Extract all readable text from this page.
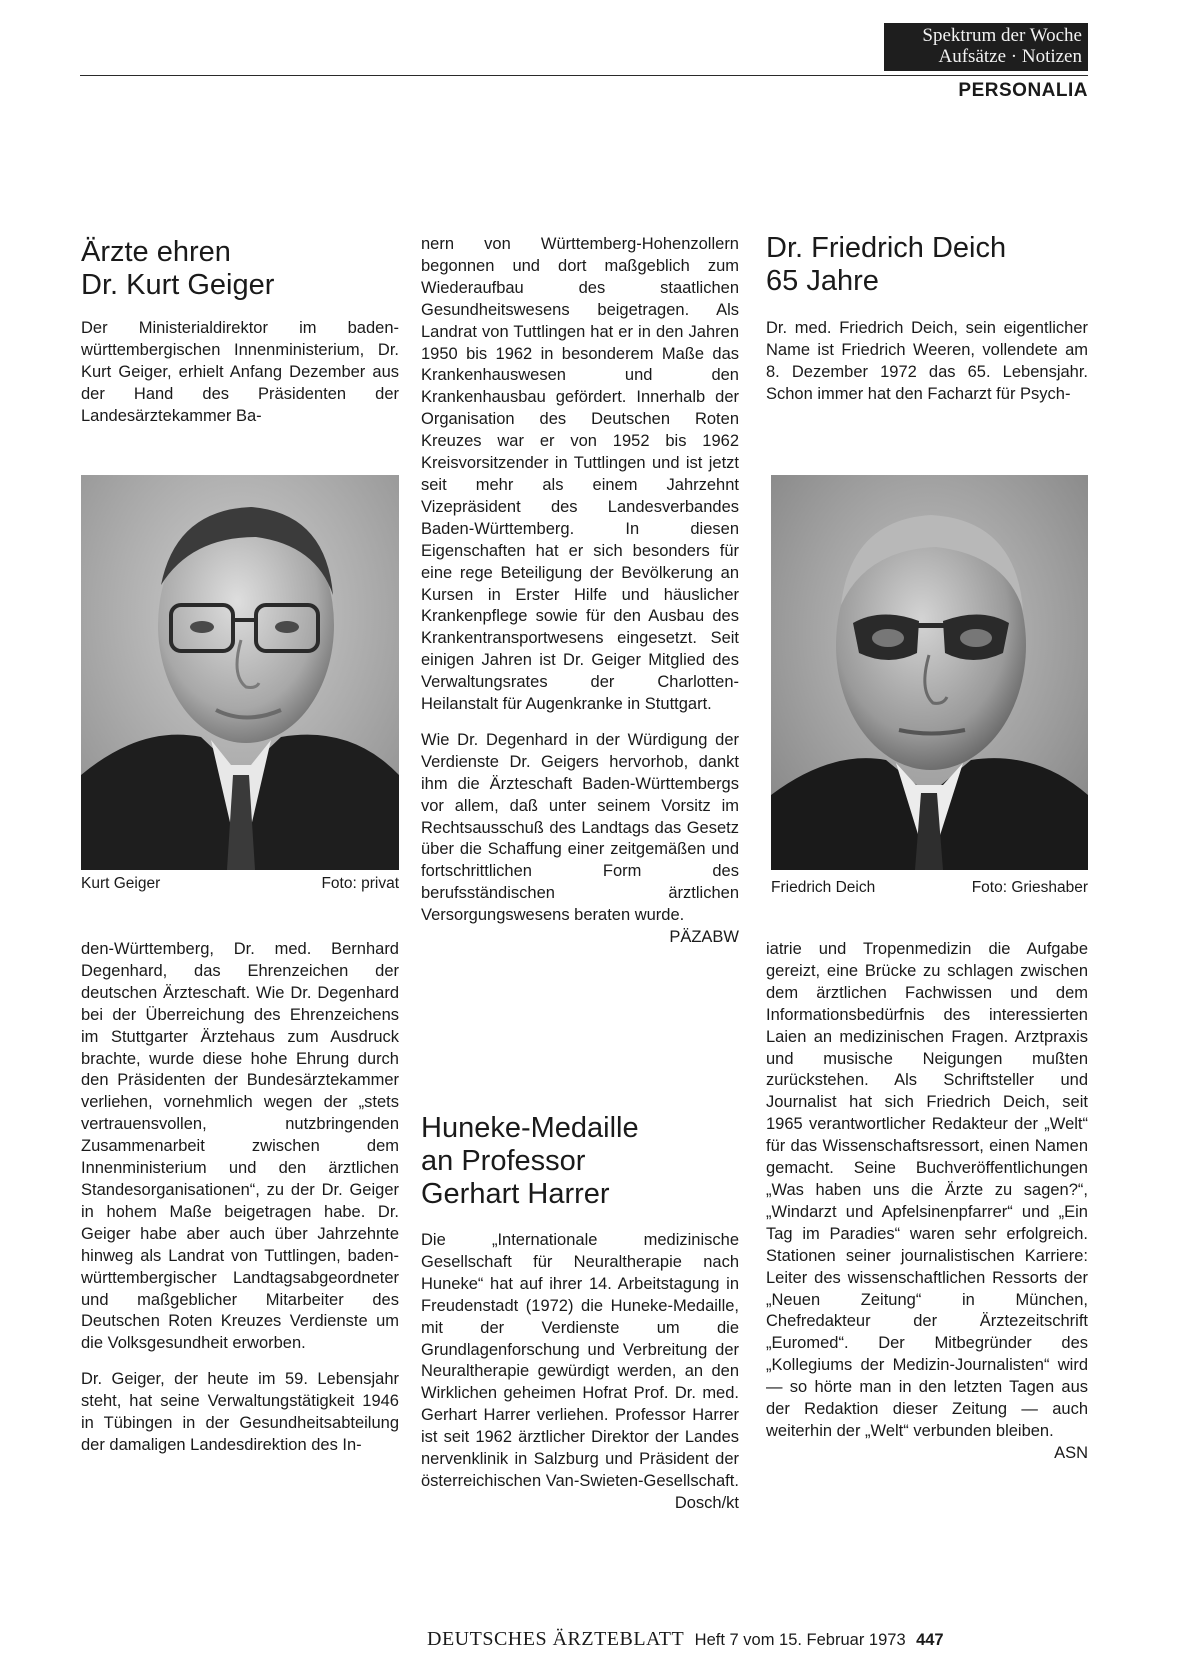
Spektrum der Woche
Aufsätze · Notizen
PERSONALIA
Ärzte ehren
Dr. Kurt Geiger
Der Ministerialdirektor im baden-württembergischen Innenministerium, Dr. Kurt Geiger, erhielt Anfang Dezember aus der Hand des Präsidenten der Landesärztekammer Ba-
Kurt Geiger	Foto: privat

den-Württemberg, Dr. med. Bernhard Degenhard, das Ehrenzeichen der deutschen Ärzteschaft. Wie Dr. Degenhard bei der Überreichung des Ehrenzeichens im Stuttgarter Ärztehaus zum Ausdruck brachte, wurde diese hohe Ehrung durch den Präsidenten der Bundesärztekammer verliehen, vornehmlich wegen der „stets vertrauensvollen, nutzbringenden Zusammenarbeit zwischen dem Innenministerium und den ärztlichen Standesorganisationen“, zu der Dr. Geiger in hohem Maße beigetragen habe. Dr. Geiger habe aber auch über Jahrzehnte hinweg als Landrat von Tuttlingen, baden-württembergischer Landtagsabgeordneter und maßgeblicher Mitarbeiter des Deutschen Roten Kreuzes Verdienste um die Volksgesundheit erworben.

Dr. Geiger, der heute im 59. Lebensjahr steht, hat seine Verwaltungstätigkeit 1946 in Tübingen in der Gesundheitsabteilung der damaligen Landesdirektion des In-

nern von Württemberg-Hohenzollern begonnen und dort maßgeblich zum Wiederaufbau des staatlichen Gesundheitswesens beigetragen. Als Landrat von Tuttlingen hat er in den Jahren 1950 bis 1962 in besonderem Maße das Krankenhauswesen und den Krankenhausbau gefördert. Innerhalb der Organisation des Deutschen Roten Kreuzes war er von 1952 bis 1962 Kreisvorsitzender in Tuttlingen und ist jetzt seit mehr als einem Jahrzehnt Vizepräsident des Landesverbandes Baden-Württemberg. In diesen Eigenschaften hat er sich besonders für eine rege Beteiligung der Bevölkerung an Kursen in Erster Hilfe und häuslicher Krankenpflege sowie für den Ausbau des Krankentransportwesens eingesetzt. Seit einigen Jahren ist Dr. Geiger Mitglied des Verwaltungsrates der Charlotten-Heilanstalt für Augenkranke in Stuttgart.

Wie Dr. Degenhard in der Würdigung der Verdienste Dr. Geigers hervorhob, dankt ihm die Ärzteschaft Baden-Württembergs vor allem, daß unter seinem Vorsitz im Rechtsausschuß des Landtags das Gesetz über die Schaffung einer zeitgemäßen und fortschrittlichen Form des berufsständischen ärztlichen Versorgungswesens beraten wurde.
PÄZABW

Huneke-Medaille
an Professor
Gerhart Harrer
Die „Internationale medizinische Gesellschaft für Neuraltherapie nach Huneke“ hat auf ihrer 14. Arbeitstagung in Freudenstadt (1972) die Huneke-Medaille, mit der Verdienste um die Grundlagenforschung und Verbreitung der Neuraltherapie gewürdigt werden, an den Wirklichen geheimen Hofrat Prof. Dr. med. Gerhart Harrer verliehen. Professor Harrer ist seit 1962 ärztlicher Direktor der Landes nervenklinik in Salzburg und Präsident der österreichischen Van-Swieten-Gesellschaft.
Dosch/kt
Dr. Friedrich Deich
65 Jahre
Dr. med. Friedrich Deich, sein eigentlicher Name ist Friedrich Weeren, vollendete am 8. Dezember 1972 das 65. Lebensjahr. Schon immer hat den Facharzt für Psych-
Friedrich Deich	Foto: Grieshaber
iatrie und Tropenmedizin die Aufgabe gereizt, eine Brücke zu schlagen zwischen dem ärztlichen Fachwissen und dem Informationsbedürfnis des interessierten Laien an medizinischen Fragen. Arztpraxis und musische Neigungen mußten zurückstehen. Als Schriftsteller und Journalist hat sich Friedrich Deich, seit 1965 verantwortlicher Redakteur der „Welt“ für das Wissenschaftsressort, einen Namen gemacht. Seine Buchveröffentlichungen „Was haben uns die Ärzte zu sagen?“, „Windarzt und Apfelsinenpfarrer“ und „Ein Tag im Paradies“ waren sehr erfolgreich. Stationen seiner journalistischen Karriere: Leiter des wissenschaftlichen Ressorts der „Neuen Zeitung“ in München, Chefredakteur der Ärztezeitschrift „Euromed“. Der Mitbegründer des „Kollegiums der Medizin-Journalisten“ wird — so hörte man in den letzten Tagen aus der Redaktion dieser Zeitung — auch weiterhin der „Welt“ verbunden bleiben.
ASN
DEUTSCHES ÄRZTEBLATT Heft 7 vom 15. Februar 1973 447
